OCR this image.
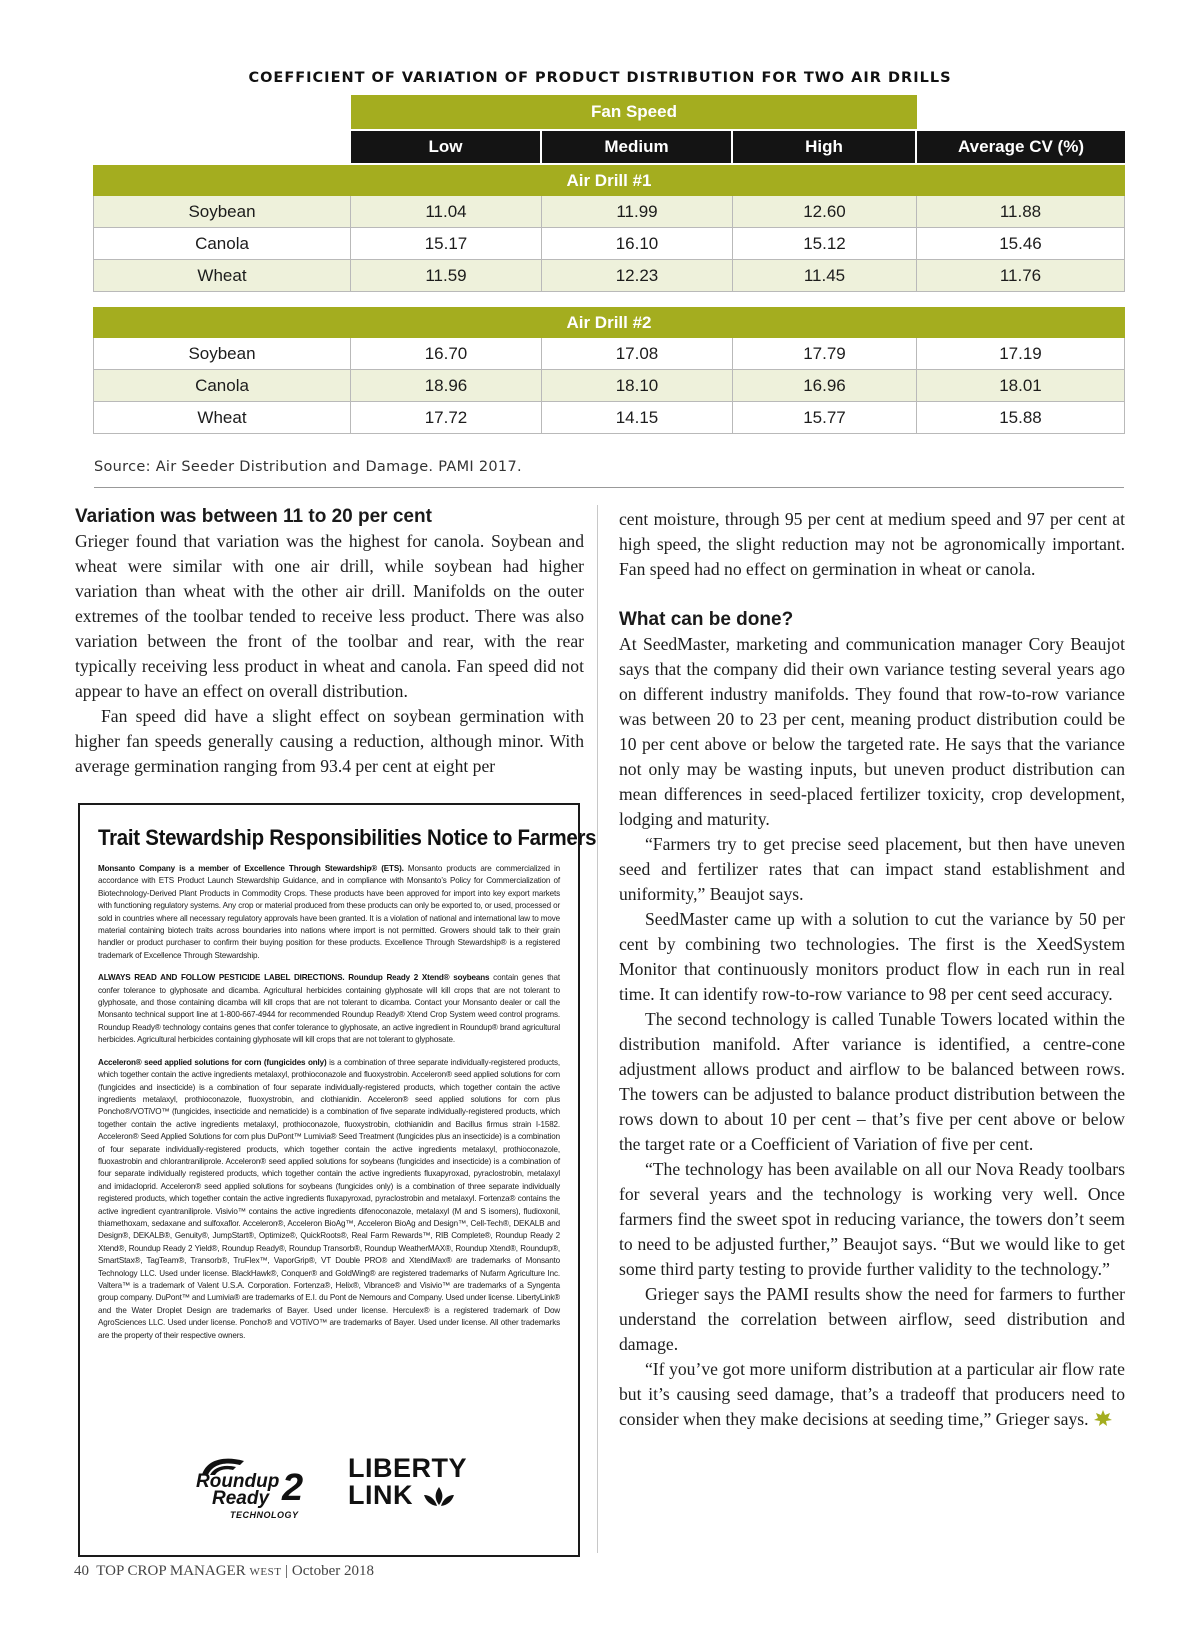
COEFFICIENT OF VARIATION OF PRODUCT DISTRIBUTION FOR TWO AIR DRILLS
Fan Speed
Low	Medium	High	Average CV (%)
Air Drill #1
Soybean	11.04	11.99	12.60	11.88
Canola	15.17	16.10	15.12	15.46
Wheat	11.59	12.23	11.45	11.76
Air Drill #2
Soybean	16.70	17.08	17.79	17.19
Canola	18.96	18.10	16.96	18.01
Wheat	17.72	14.15	15.77	15.88
Source: Air Seeder Distribution and Damage. PAMI 2017.
Variation was between 11 to 20 per cent

Grieger found that variation was the highest for canola. Soybean and wheat were similar with one air drill, while soybean had higher variation than wheat with the other air drill. Manifolds on the outer extremes of the toolbar tended to receive less product. There was also variation between the front of the toolbar and rear, with the rear typically receiving less product in wheat and canola. Fan speed did not appear to have an effect on overall distribution.

Fan speed did have a slight effect on soybean germination with higher fan speeds generally causing a reduction, although minor. With average germination ranging from 93.4 per cent at eight per

cent moisture, through 95 per cent at medium speed and 97 per cent at high speed, the slight reduction may not be agronomically important. Fan speed had no effect on germination in wheat or canola.

What can be done?

At SeedMaster, marketing and communication manager Cory Beaujot says that the company did their own variance testing several years ago on different industry manifolds. They found that row-to-row variance was between 20 to 23 per cent, meaning product distribution could be 10 per cent above or below the targeted rate. He says that the variance not only may be wasting inputs, but uneven product distribution can mean differences in seed-placed fertilizer toxicity, crop development, lodging and maturity.

“Farmers try to get precise seed placement, but then have uneven seed and fertilizer rates that can impact stand establishment and uniformity,” Beaujot says.

SeedMaster came up with a solution to cut the variance by 50 per cent by combining two technologies. The first is the XeedSystem Monitor that continuously monitors product flow in each run in real time. It can identify row-to-row variance to 98 per cent seed accuracy.

The second technology is called Tunable Towers located within the distribution manifold. After variance is identified, a centre-cone adjustment allows product and airflow to be balanced between rows. The towers can be adjusted to balance product distribution between the rows down to about 10 per cent – that’s five per cent above or below the target rate or a Coefficient of Variation of five per cent.

“The technology has been available on all our Nova Ready toolbars for several years and the technology is working very well. Once farmers find the sweet spot in reducing variance, the towers don’t seem to need to be adjusted further,” Beaujot says. “But we would like to get some third party testing to provide further validity to the technology.”

Grieger says the PAMI results show the need for farmers to further understand the correlation between airflow, seed distribution and damage.

“If you’ve got more uniform distribution at a particular air flow rate but it’s causing seed damage, that’s a tradeoff that producers need to consider when they make decisions at seeding time,” Grieger says.

Trait Stewardship Responsibilities Notice to Farmers

Monsanto Company is a member of Excellence Through Stewardship® (ETS). Monsanto products are commercialized in accordance with ETS Product Launch Stewardship Guidance, and in compliance with Monsanto’s Policy for Commercialization of Biotechnology-Derived Plant Products in Commodity Crops. These products have been approved for import into key export markets with functioning regulatory systems. Any crop or material produced from these products can only be exported to, or used, processed or sold in countries where all necessary regulatory approvals have been granted. It is a violation of national and international law to move material containing biotech traits across boundaries into nations where import is not permitted. Growers should talk to their grain handler or product purchaser to confirm their buying position for these products. Excellence Through Stewardship® is a registered trademark of Excellence Through Stewardship.

ALWAYS READ AND FOLLOW PESTICIDE LABEL DIRECTIONS. Roundup Ready 2 Xtend® soybeans contain genes that confer tolerance to glyphosate and dicamba. Agricultural herbicides containing glyphosate will kill crops that are not tolerant to glyphosate, and those containing dicamba will kill crops that are not tolerant to dicamba. Contact your Monsanto dealer or call the Monsanto technical support line at 1-800-667-4944 for recommended Roundup Ready® Xtend Crop System weed control programs. Roundup Ready® technology contains genes that confer tolerance to glyphosate, an active ingredient in Roundup® brand agricultural herbicides. Agricultural herbicides containing glyphosate will kill crops that are not tolerant to glyphosate.

Acceleron® seed applied solutions for corn (fungicides only) is a combination of three separate individually-registered products, which together contain the active ingredients metalaxyl, prothioconazole and fluoxystrobin. Acceleron® seed applied solutions for corn (fungicides and insecticide) is a combination of four separate individually-registered products, which together contain the active ingredients metalaxyl, prothioconazole, fluoxystrobin, and clothianidin. Acceleron® seed applied solutions for corn plus Poncho®/VOTiVO™ (fungicides, insecticide and nematicide) is a combination of five separate individually-registered products, which together contain the active ingredients metalaxyl, prothioconazole, fluoxystrobin, clothianidin and Bacillus firmus strain I-1582. Acceleron® Seed Applied Solutions for corn plus DuPont™ Lumivia® Seed Treatment (fungicides plus an insecticide) is a combination of four separate individually-registered products, which together contain the active ingredients metalaxyl, prothioconazole, fluoxastrobin and chlorantraniliprole. Acceleron® seed applied solutions for soybeans (fungicides and insecticide) is a combination of four separate individually registered products, which together contain the active ingredients fluxapyroxad, pyraclostrobin, metalaxyl and imidacloprid. Acceleron® seed applied solutions for soybeans (fungicides only) is a combination of three separate individually registered products, which together contain the active ingredients fluxapyroxad, pyraclostrobin and metalaxyl. Fortenza® contains the active ingredient cyantraniliprole. Visivio™ contains the active ingredients difenoconazole, metalaxyl (M and S isomers), fludioxonil, thiamethoxam, sedaxane and sulfoxaflor. Acceleron®, Acceleron BioAg™, Acceleron BioAg and Design™, Cell-Tech®, DEKALB and Design®, DEKALB®, Genuity®, JumpStart®, Optimize®, QuickRoots®, Real Farm Rewards™, RIB Complete®, Roundup Ready 2 Xtend®, Roundup Ready 2 Yield®, Roundup Ready®, Roundup Transorb®, Roundup WeatherMAX®, Roundup Xtend®, Roundup®, SmartStax®, TagTeam®, Transorb®, TruFlex™, VaporGrip®, VT Double PRO® and XtendiMax® are trademarks of Monsanto Technology LLC. Used under license. BlackHawk®, Conquer® and GoldWing® are registered trademarks of Nufarm Agriculture Inc. Valtera™ is a trademark of Valent U.S.A. Corporation. Fortenza®, Helix®, Vibrance® and Visivio™ are trademarks of a Syngenta group company. DuPont™ and Lumivia® are trademarks of E.I. du Pont de Nemours and Company. Used under license. LibertyLink® and the Water Droplet Design are trademarks of Bayer. Used under license. Herculex® is a registered trademark of Dow AgroSciences LLC. Used under license. Poncho® and VOTiVO™ are trademarks of Bayer. Used under license. All other trademarks are the property of their respective owners.

Roundup
Ready 2
TECHNOLOGY
LIBERTY
LINK
40 TOP CROP MANAGER WEST | October 2018
